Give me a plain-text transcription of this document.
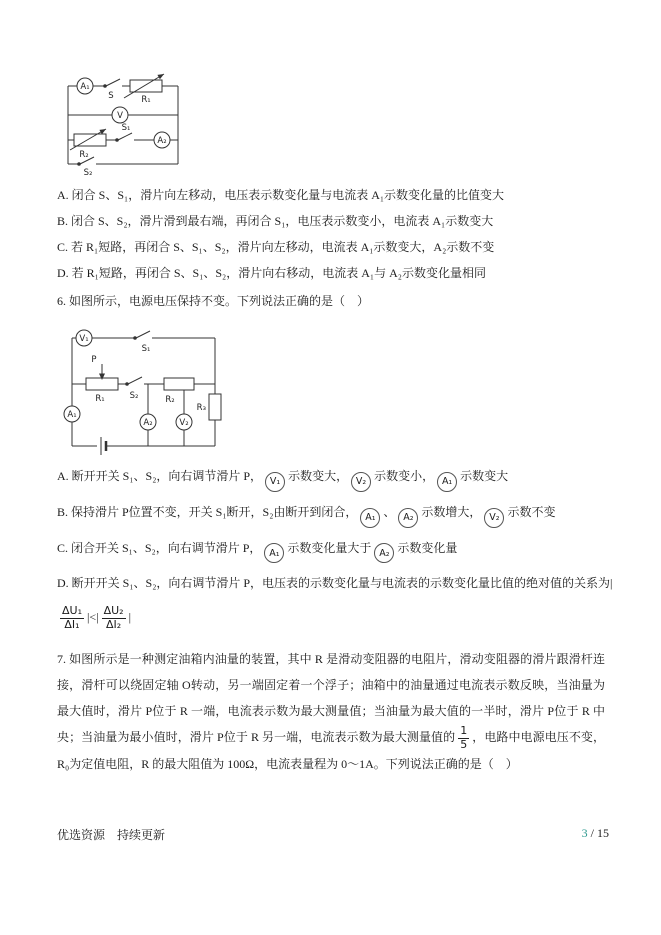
A₁
S	R₁
V
R₂
S₁
S₂
A₂
A. 闭合 S、S₁，滑片向左移动，电压表示数变化量与电流表 A₁示数变化量的比值变大
B. 闭合 S、S₂，滑片滑到最右端，再闭合 S₁，电压表示数变小，电流表 A₁示数变大
C. 若 R₁短路，再闭合 S、S₁、S₂，滑片向左移动，电流表 A₁示数变大，A₂示数不变
D. 若 R₁短路，再闭合 S、S₁、S₂，滑片向右移动，电流表 A₁与 A₂示数变化量相同
6. 如图所示，电源电压保持不变。下列说法正确的是（　）
V₁
S₁
P
R₁	S₂	R₂
R₃
A₁
A₂	V₂
A. 断开开关 S₁、S₂，向右调节滑片 P， V₁ 示数变大， V₂ 示数变小， A₁ 示数变大
B. 保持滑片 P位置不变，开关 S₁断开，S₂由断开到闭合， A₁ 、 A₂ 示数增大， V₂ 示数不变
C. 闭合开关 S₁、S₂，向右调节滑片 P， A₁ 示数变化量大于 A₂ 示数变化量
D. 断开开关 S₁、S₂，向右调节滑片 P，电压表的示数变化量与电流表的示数变化量比值的绝对值的关系为|
$\frac{\text{ΔU₁}}{\text{ΔI₁}}$ |<| $\frac{\text{ΔU₂}}{\text{ΔI₂}}$ |
7. 如图所示是一种测定油箱内油量的装置，其中 R 是滑动变阻器的电阻片，滑动变阻器的滑片跟滑杆连接，滑杆可以绕固定轴 O转动，另一端固定着一个浮子；油箱中的油量通过电流表示数反映，当油量为最大值时，滑片 P位于 R 一端，电流表示数为最大测量值；当油量为最大值的一半时，滑片 P位于 R 中央；当油量为最小值时，滑片 P位于 R 另一端，电流表示数为最大测量值的 $\frac{1}{5}$ ，电路中电源电压不变，R₀为定值电阻，R 的最大阻值为 100Ω，电流表量程为 0～1A。下列说法正确的是（　）
优选资源　持续更新	3 / 15
